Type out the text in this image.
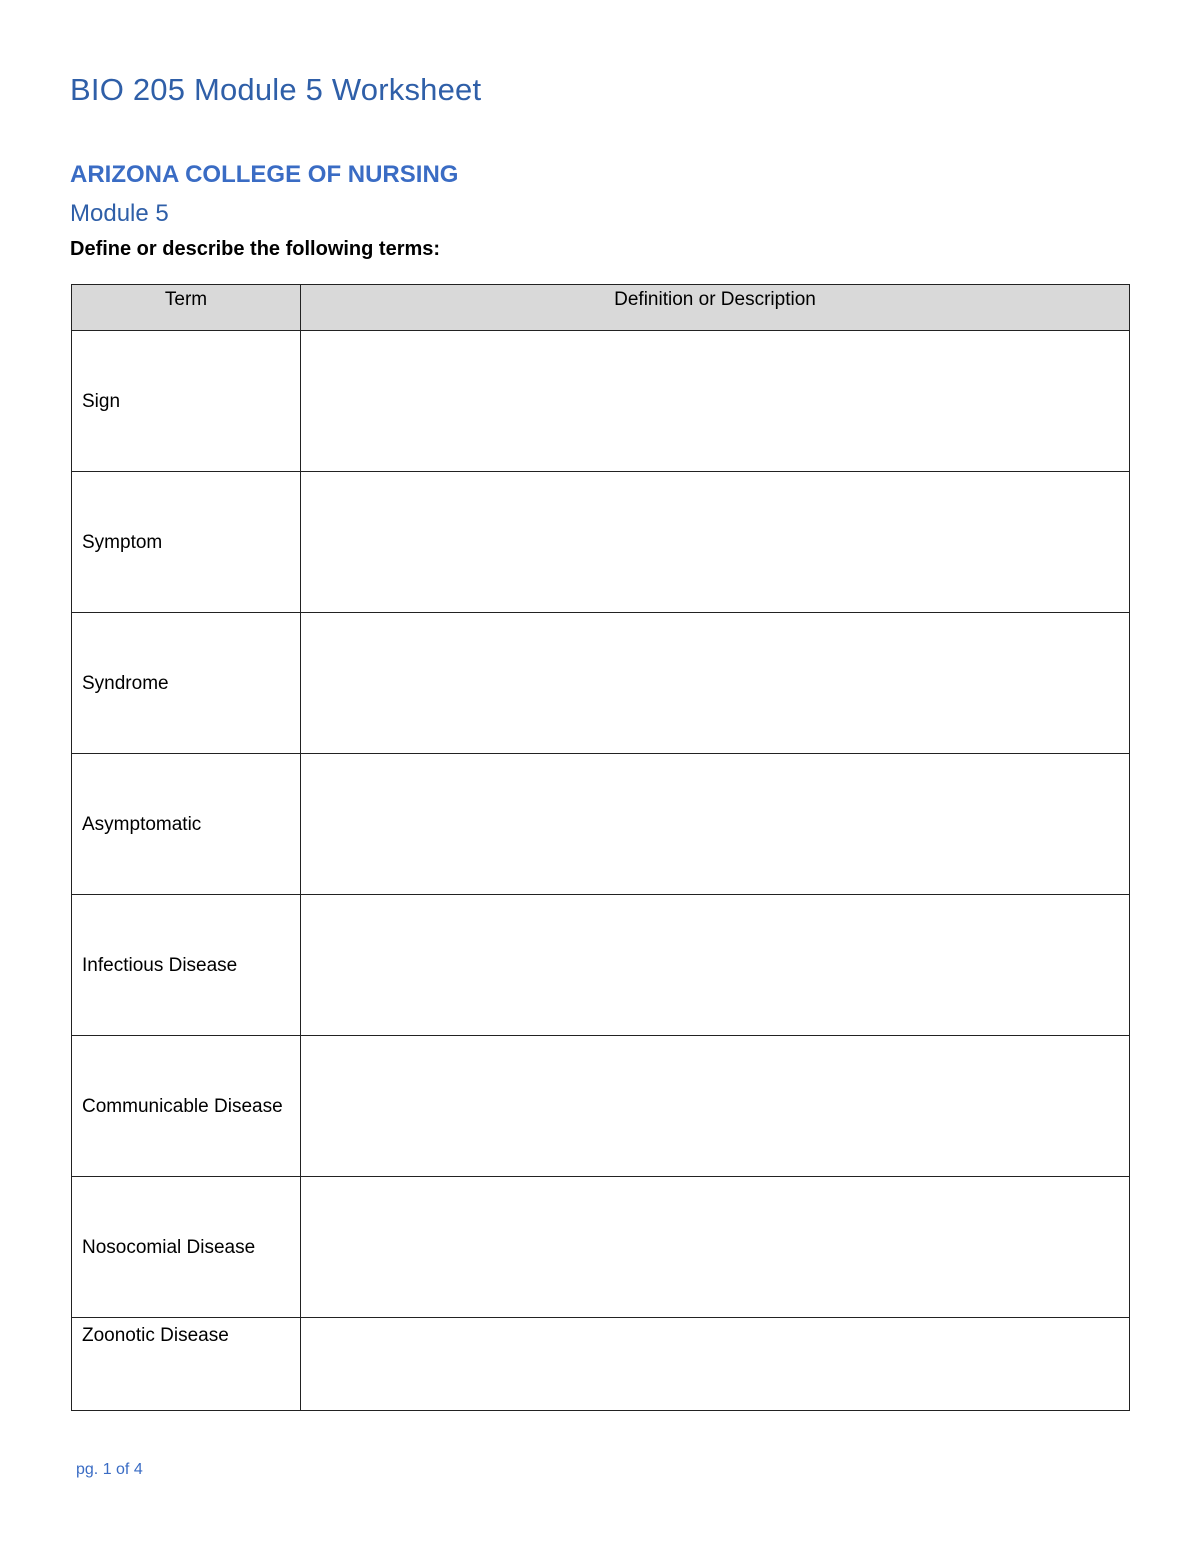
BIO 205 Module 5 Worksheet
ARIZONA COLLEGE OF NURSING
Module 5
Define or describe the following terms:
Term	Definition or Description
Sign	
Symptom	
Syndrome	
Asymptomatic	
Infectious Disease	
Communicable Disease	
Nosocomial Disease	
Zoonotic Disease	
pg. 1 of 4
